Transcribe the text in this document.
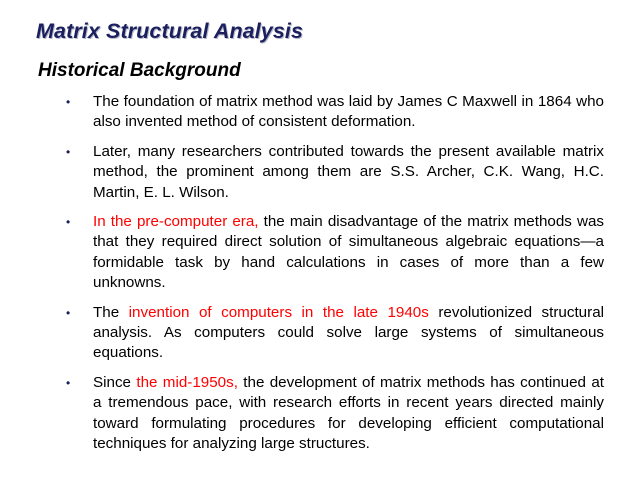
Matrix Structural Analysis
Historical Background
• The foundation of matrix method was laid by James C Maxwell in 1864 who also invented method of consistent deformation.
• Later, many researchers contributed towards the present available matrix method, the prominent among them are S.S. Archer, C.K. Wang, H.C. Martin, E. L. Wilson.
• In the pre-computer era, the main disadvantage of the matrix methods was that they required direct solution of simultaneous algebraic equations—a formidable task by hand calculations in cases of more than a few unknowns.
• The invention of computers in the late 1940s revolutionized structural analysis. As computers could solve large systems of simultaneous equations.
• Since the mid-1950s, the development of matrix methods has continued at a tremendous pace, with research efforts in recent years directed mainly toward formulating procedures for developing efficient computational techniques for analyzing large structures.
